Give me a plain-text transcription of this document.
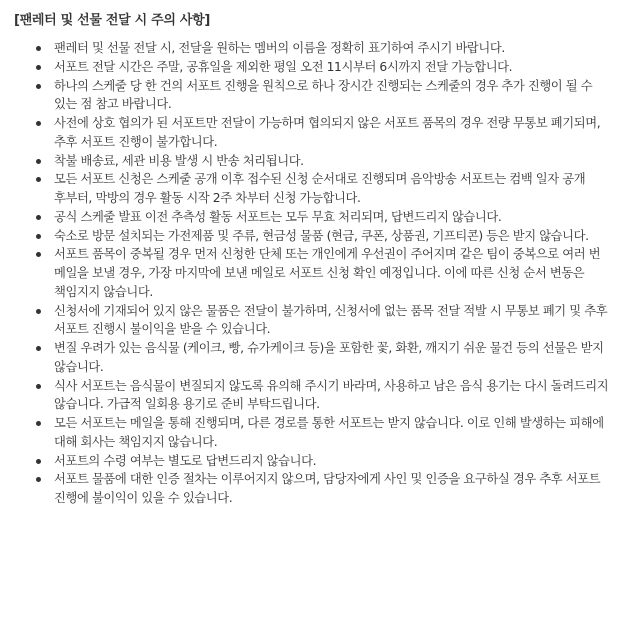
[팬레터 및 선물 전달 시 주의 사항]
팬레터 및 선물 전달 시, 전달을 원하는 멤버의 이름을 정확히 표기하여 주시기 바랍니다.
서포트 전달 시간은 주말, 공휴일을 제외한 평일 오전 11시부터 6시까지 전달 가능합니다.
하나의 스케줄 당 한 건의 서포트 진행을 원칙으로 하나 장시간 진행되는 스케줄의 경우 추가 진행이 될 수 있는 점 참고 바랍니다.
사전에 상호 협의가 된 서포트만 전달이 가능하며 협의되지 않은 서포트 품목의 경우 전량 무통보 폐기되며, 추후 서포트 진행이 불가합니다.
착불 배송료, 세관 비용 발생 시 반송 처리됩니다.
모든 서포트 신청은 스케줄 공개 이후 접수된 신청 순서대로 진행되며 음악방송 서포트는 컴백 일자 공개 후부터, 막방의 경우 활동 시작 2주 차부터 신청 가능합니다.
공식 스케줄 발표 이전 추측성 활동 서포트는 모두 무효 처리되며, 답변드리지 않습니다.
숙소로 방문 설치되는 가전제품 및 주류, 현금성 물품 (현금, 쿠폰, 상품권, 기프티콘) 등은 받지 않습니다.
서포트 품목이 중복될 경우 먼저 신청한 단체 또는 개인에게 우선권이 주어지며 같은 팀이 중복으로 여러 번 메일을 보낼 경우, 가장 마지막에 보낸 메일로 서포트 신청 확인 예정입니다. 이에 따른 신청 순서 변동은 책임지지 않습니다.
신청서에 기재되어 있지 않은 물품은 전달이 불가하며, 신청서에 없는 품목 전달 적발 시 무통보 폐기 및 추후 서포트 진행시 불이익을 받을 수 있습니다.
변질 우려가 있는 음식물 (케이크, 빵, 슈가케이크 등)을 포함한 꽃, 화환, 깨지기 쉬운 물건 등의 선물은 받지 않습니다.
식사 서포트는 음식물이 변질되지 않도록 유의해 주시기 바라며, 사용하고 남은 음식 용기는 다시 돌려드리지 않습니다. 가급적 일회용 용기로 준비 부탁드립니다.
모든 서포트는 메일을 통해 진행되며, 다른 경로를 통한 서포트는 받지 않습니다. 이로 인해 발생하는 피해에 대해 회사는 책임지지 않습니다.
서포트의 수령 여부는 별도로 답변드리지 않습니다.
서포트 물품에 대한 인증 절차는 이루어지지 않으며, 담당자에게 사인 및 인증을 요구하실 경우 추후 서포트 진행에 불이익이 있을 수 있습니다.
